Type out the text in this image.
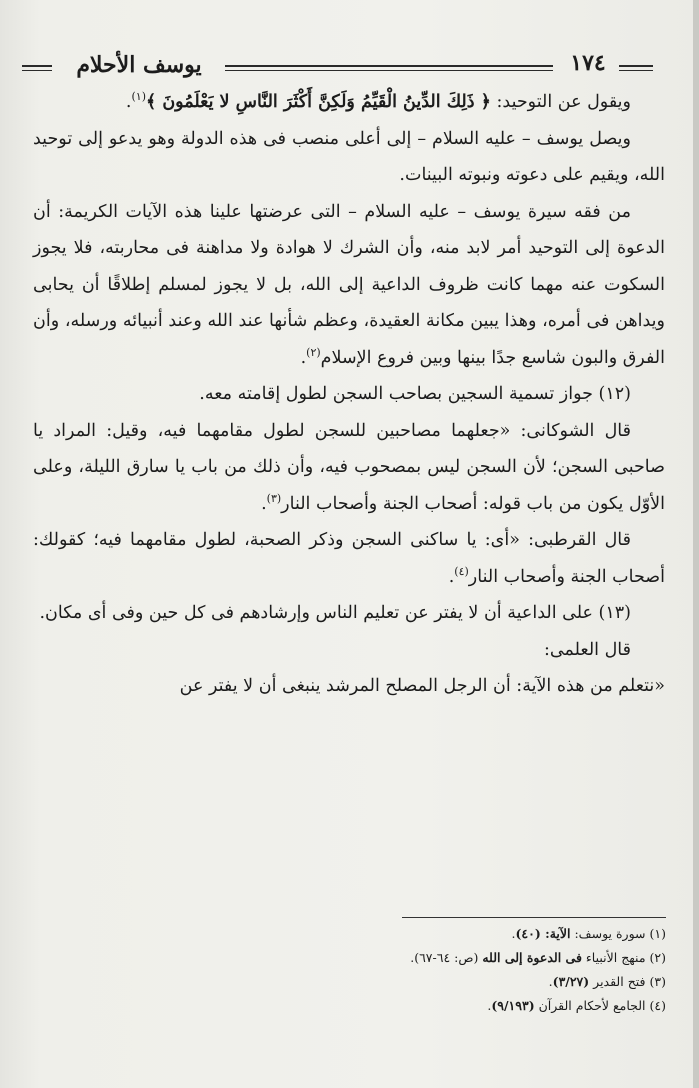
يوسف الأحلام	١٧٤

ويقول عن التوحيد: ﴿ ذَلِكَ الدِّينُ الْقَيِّمُ وَلَكِنَّ أَكْثَرَ النَّاسِ لا يَعْلَمُونَ ﴾$^{(١)}$.

ويصل يوسف – عليه السلام – إلى أعلى منصب فى هذه الدولة وهو يدعو إلى توحيد الله، ويقيم على دعوته ونبوته البينات.

من فقه سيرة يوسف – عليه السلام – التى عرضتها علينا هذه الآيات الكريمة: أن الدعوة إلى التوحيد أمر لابد منه، وأن الشرك لا هوادة ولا مداهنة فى محاربته، فلا يجوز السكوت عنه مهما كانت ظروف الداعية إلى الله، بل لا يجوز لمسلم إطلاقًا أن يحابى ويداهن فى أمره، وهذا يبين مكانة العقيدة، وعظم شأنها عند الله وعند أنبيائه ورسله، وأن الفرق والبون شاسع جدًا بينها وبين فروع الإسلام$^{(٢)}$.

(١٢) جواز تسمية السجين بصاحب السجن لطول إقامته معه.

قال الشوكانى: «جعلهما مصاحبين للسجن لطول مقامهما فيه، وقيل: المراد يا صاحبى السجن؛ لأن السجن ليس بمصحوب فيه، وأن ذلك من باب يا سارق الليلة، وعلى الأوّل يكون من باب قوله: أصحاب الجنة وأصحاب النار$^{(٣)}$.

قال القرطبى: «أى: يا ساكنى السجن وذكر الصحبة، لطول مقامهما فيه؛ كقولك: أصحاب الجنة وأصحاب النار$^{(٤)}$.

(١٣) على الداعية أن لا يفتر عن تعليم الناس وإرشادهم فى كل حين وفى أى مكان.

قال العلمى:

«نتعلم من هذه الآية: أن الرجل المصلح المرشد ينبغى أن لا يفتر عن

(١) سورة يوسف: الآية: (٤٠).
(٢) منهج الأنبياء فى الدعوة إلى الله (ص: ٦٤-٦٧).
(٣) فتح القدير (٣/٢٧).
(٤) الجامع لأحكام القرآن (٩/١٩٣).
